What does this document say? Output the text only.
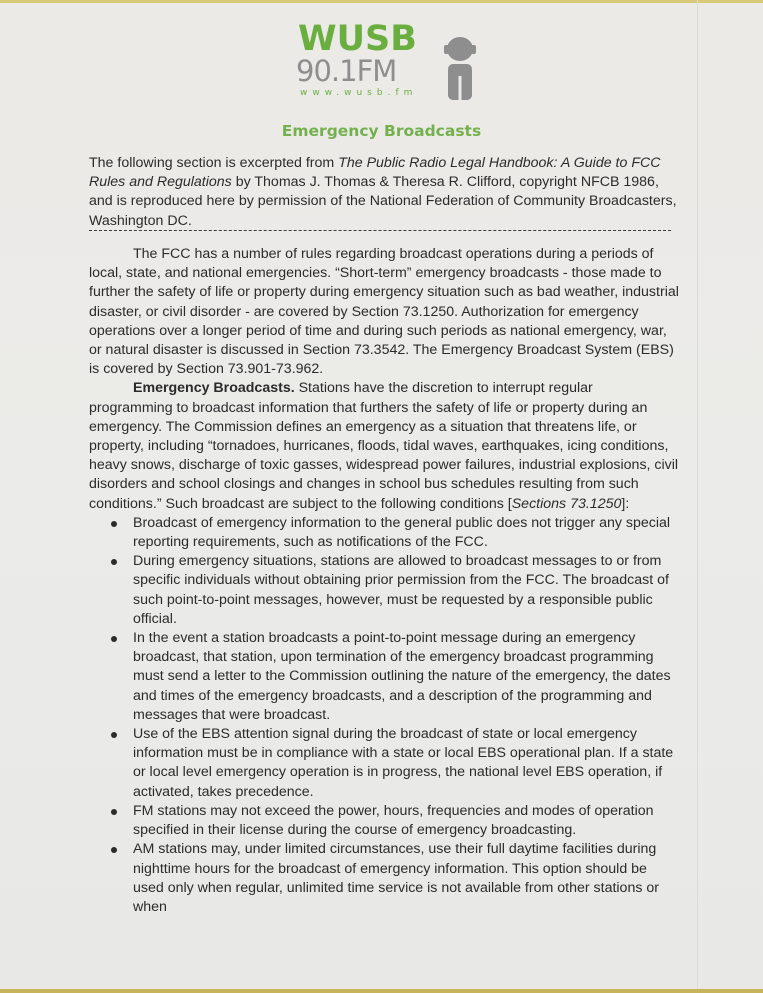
WUSB
90.1FM
www.wusb.fm
Emergency Broadcasts
The following section is excerpted from The Public Radio Legal Handbook: A Guide to FCC Rules and Regulations by Thomas J. Thomas & Theresa R. Clifford, copyright NFCB 1986, and is reproduced here by permission of the National Federation of Community Broadcasters, Washington DC.

The FCC has a number of rules regarding broadcast operations during a periods of local, state, and national emergencies. “Short-term” emergency broadcasts - those made to further the safety of life or property during emergency situation such as bad weather, industrial disaster, or civil disorder - are covered by Section 73.1250. Authorization for emergency operations over a longer period of time and during such periods as national emergency, war, or natural disaster is discussed in Section 73.3542. The Emergency Broadcast System (EBS) is covered by Section 73.901-73.962.

Emergency Broadcasts. Stations have the discretion to interrupt regular programming to broadcast information that furthers the safety of life or property during an emergency. The Commission defines an emergency as a situation that threatens life, or property, including “tornadoes, hurricanes, floods, tidal waves, earthquakes, icing conditions, heavy snows, discharge of toxic gasses, widespread power failures, industrial explosions, civil disorders and school closings and changes in school bus schedules resulting from such conditions.” Such broadcast are subject to the following conditions [Sections 73.1250]:

Broadcast of emergency information to the general public does not trigger any special reporting requirements, such as notifications of the FCC.
During emergency situations, stations are allowed to broadcast messages to or from specific individuals without obtaining prior permission from the FCC. The broadcast of such point-to-point messages, however, must be requested by a responsible public official.
In the event a station broadcasts a point-to-point message during an emergency broadcast, that station, upon termination of the emergency broadcast programming must send a letter to the Commission outlining the nature of the emergency, the dates and times of the emergency broadcasts, and a description of the programming and messages that were broadcast.
Use of the EBS attention signal during the broadcast of state or local emergency information must be in compliance with a state or local EBS operational plan. If a state or local level emergency operation is in progress, the national level EBS operation, if activated, takes precedence.
FM stations may not exceed the power, hours, frequencies and modes of operation specified in their license during the course of emergency broadcasting.
AM stations may, under limited circumstances, use their full daytime facilities during nighttime hours for the broadcast of emergency information. This option should be used only when regular, unlimited time service is not available from other stations or when
